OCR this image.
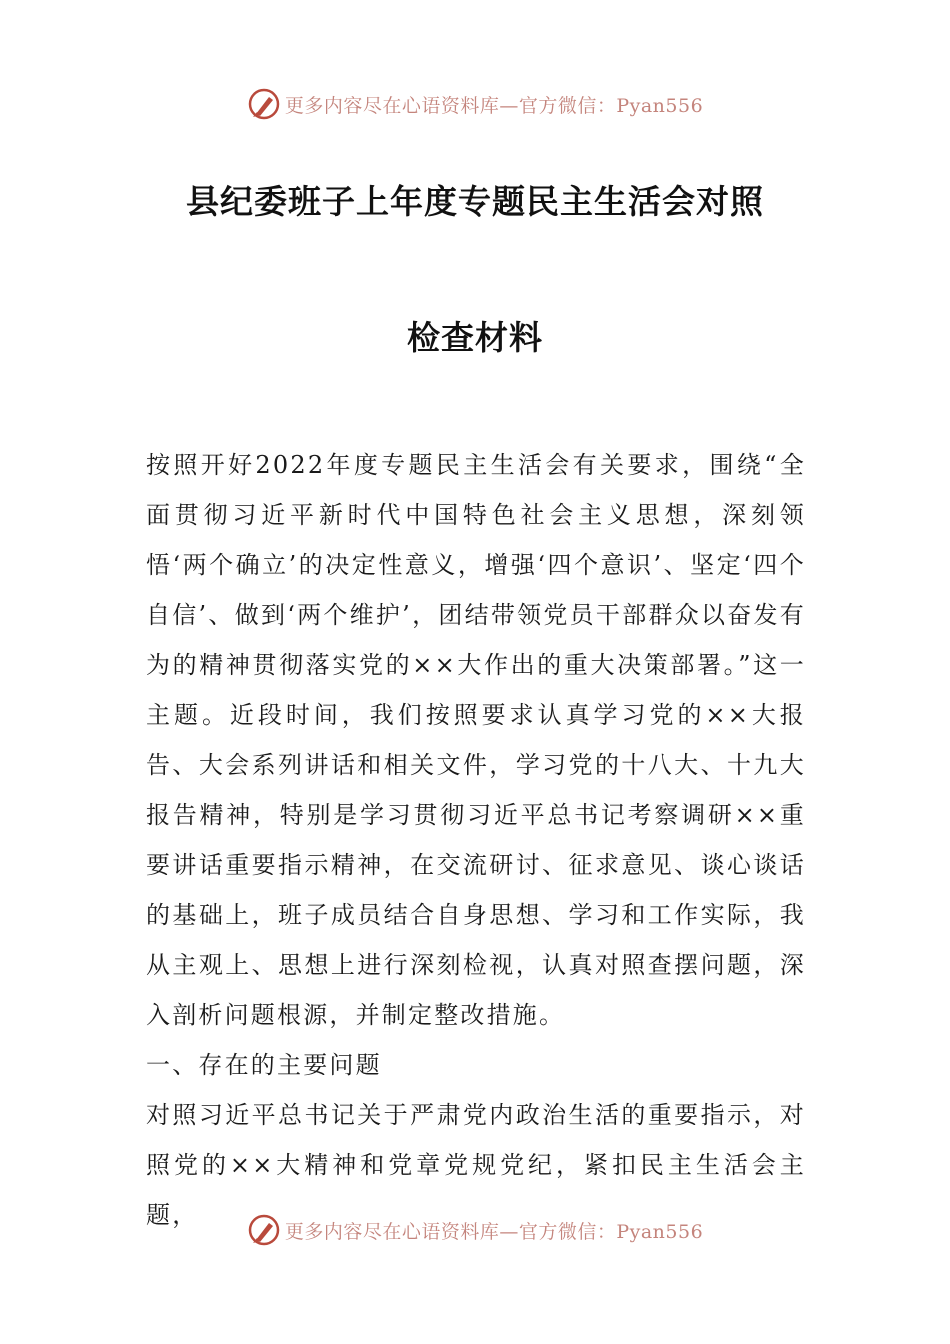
更多内容尽在心语资料库—官方微信：Pyan556
县纪委班子上年度专题民主生活会对照
检查材料

按照开好2022年度专题民主生活会有关要求，围绕“全面贯彻习近平新时代中国特色社会主义思想，深刻领悟‘两个确立’的决定性意义，增强‘四个意识’、坚定‘四个自信’、做到‘两个维护’，团结带领党员干部群众以奋发有为的精神贯彻落实党的××大作出的重大决策部署。”这一主题。近段时间，我们按照要求认真学习党的××大报告、大会系列讲话和相关文件，学习党的十八大、十九大报告精神，特别是学习贯彻习近平总书记考察调研××重要讲话重要指示精神，在交流研讨、征求意见、谈心谈话的基础上，班子成员结合自身思想、学习和工作实际，我从主观上、思想上进行深刻检视，认真对照查摆问题，深入剖析问题根源，并制定整改措施。

一、存在的主要问题

对照习近平总书记关于严肃党内政治生活的重要指示，对照党的××大精神和党章党规党纪，紧扣民主生活会主题，

更多内容尽在心语资料库—官方微信：Pyan556
